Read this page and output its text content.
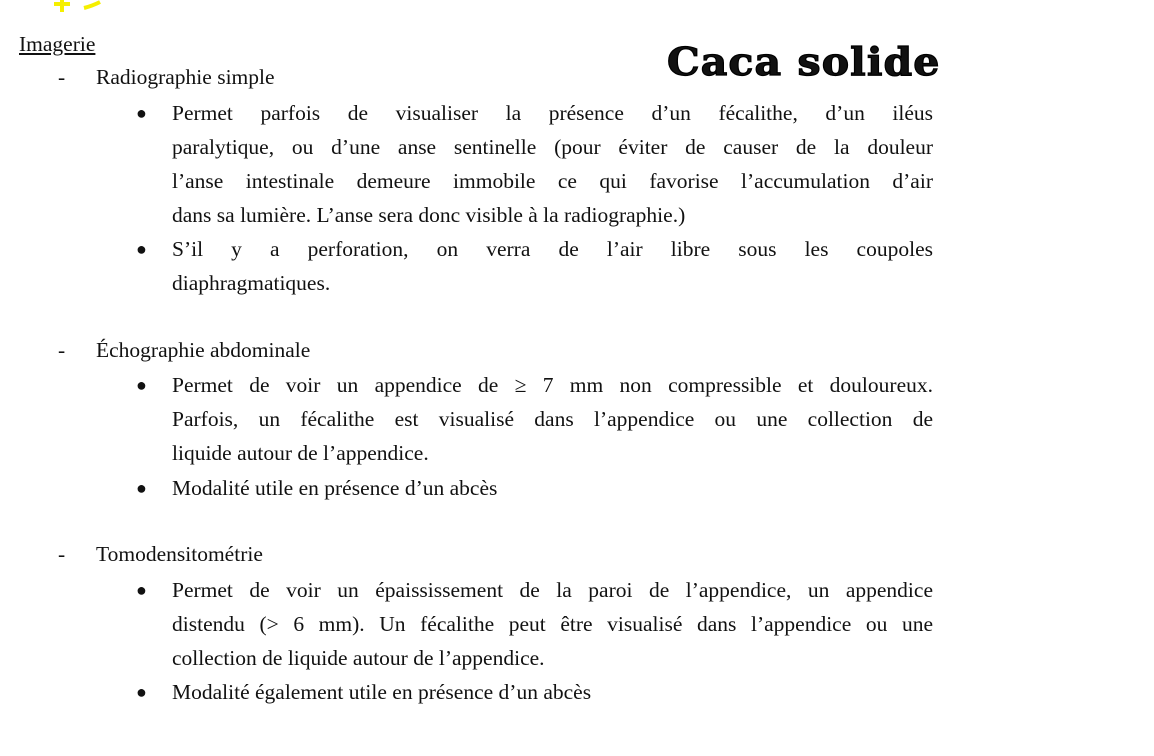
Imagerie	Caca solide
- Radiographie simple
● Permet parfois de visualiser la présence d’un fécalithe, d’un iléus
paralytique, ou d’une anse sentinelle (pour éviter de causer de la douleur
l’anse intestinale demeure immobile ce qui favorise l’accumulation d’air
dans sa lumière. L’anse sera donc visible à la radiographie.)
● S’il y a perforation, on verra de l’air libre sous les coupoles
diaphragmatiques.
- Échographie abdominale
● Permet de voir un appendice de ≥ 7 mm non compressible et douloureux.
Parfois, un fécalithe est visualisé dans l’appendice ou une collection de
liquide autour de l’appendice.
● Modalité utile en présence d’un abcès
- Tomodensitométrie
● Permet de voir un épaississement de la paroi de l’appendice, un appendice
distendu (> 6 mm). Un fécalithe peut être visualisé dans l’appendice ou une
collection de liquide autour de l’appendice.
● Modalité également utile en présence d’un abcès
